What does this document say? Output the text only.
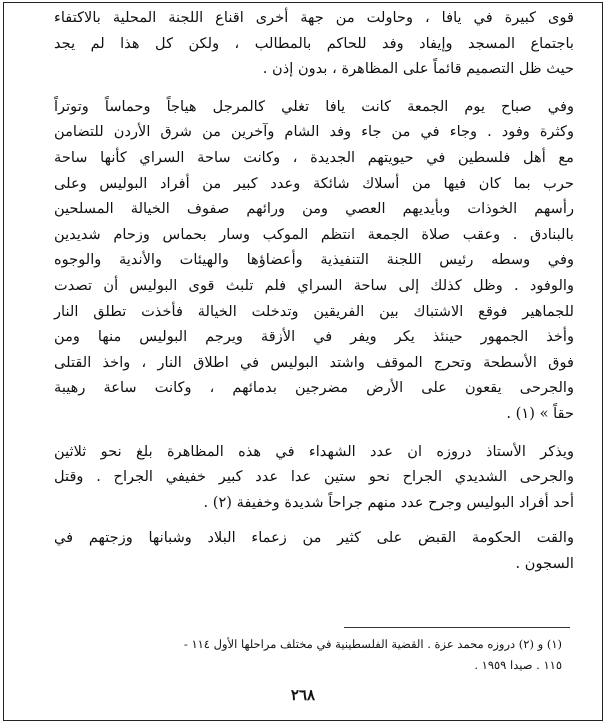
قوى كبيرة في يافا ، وحاولت من جهة أخرى اقناع اللجنة المحلية بالاكتفاء
باجتماع المسجد وإيفاد وفد للحاكم بالمطالب ، ولكن كل هذا لم يجد
حيث ظل التصميم قائماً على المظاهرة ، بدون إذن .

وفي صباح يوم الجمعة كانت يافا تغلي كالمرجل هياجاً وحماساً وتوتراً
وكثرة وفود . وجاء في من جاء وفد الشام وآخرين من شرق الأردن للتضامن
مع أهل فلسطين في حيويتهم الجديدة ، وكانت ساحة السراي كأنها ساحة
حرب بما كان فيها من أسلاك شائكة وعدد كبير من أفراد البوليس وعلى
رأسهم الخوذات وبأيديهم العصي ومن ورائهم صفوف الخيالة المسلحين
بالبنادق . وعقب صلاة الجمعة انتظم الموكب وسار بحماس وزحام شديدين
وفي وسطه رئيس اللجنة التنفيذية وأعضاؤها والهيئات والأندية والوجوه
والوفود . وظل كذلك إلى ساحة السراي فلم تلبث قوى البوليس أن تصدت
للجماهير فوقع الاشتباك بين الفريقين وتدخلت الخيالة فأخذت تطلق النار
وأخذ الجمهور حينئذ يكر ويفر في الأزقة ويرجم البوليس منها ومن
فوق الأسطحة وتحرج الموقف واشتد البوليس في اطلاق النار ، واخذ القتلى
والجرحى يقعون على الأرض مضرجين بدمائهم ، وكانت ساعة رهيبة
حقاً » (١) .

ويذكر الأستاذ دروزه ان عدد الشهداء في هذه المظاهرة بلغ نحو ثلاثين
والجرحى الشديدي الجراح نحو ستين عدا عدد كبير خفيفي الجراح . وقتل
أحد أفراد البوليس وجرح عدد منهم جراحاً شديدة وخفيفة (٢) .

والقت الحكومة القبض على كثير من زعماء البلاد وشبانها وزجتهم في
السجون .

(١) و (٢) دروزه محمد عزة . القضية الفلسطينية في مختلف مراحلها الأول ١١٤ -
١١٥ . صيدا ١٩٥٩ .
٢٦٨
